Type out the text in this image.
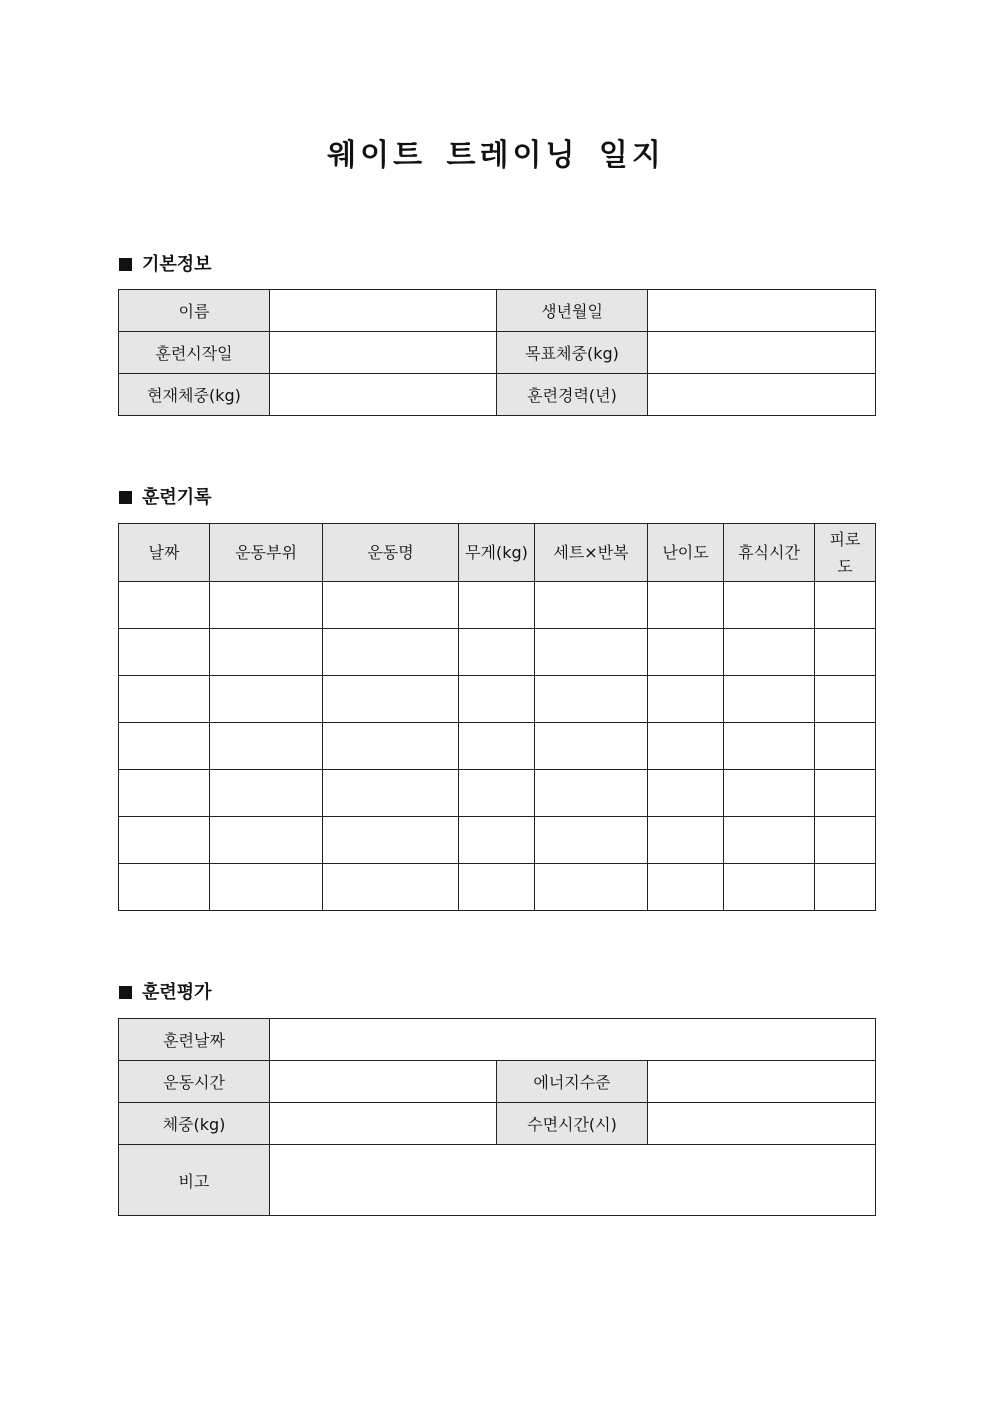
웨이트 트레이닝 일지
기본정보
이름		생년월일	
훈련시작일		목표체중(kg)	
현재체중(kg)		훈련경력(년)	
훈련기록
날짜	운동부위	운동명	무게(kg)	세트×반복	난이도	휴식시간	피로도

훈련평가
훈련날짜			
운동시간		에너지수준	
체중(kg)		수면시간(시)	
비고			
